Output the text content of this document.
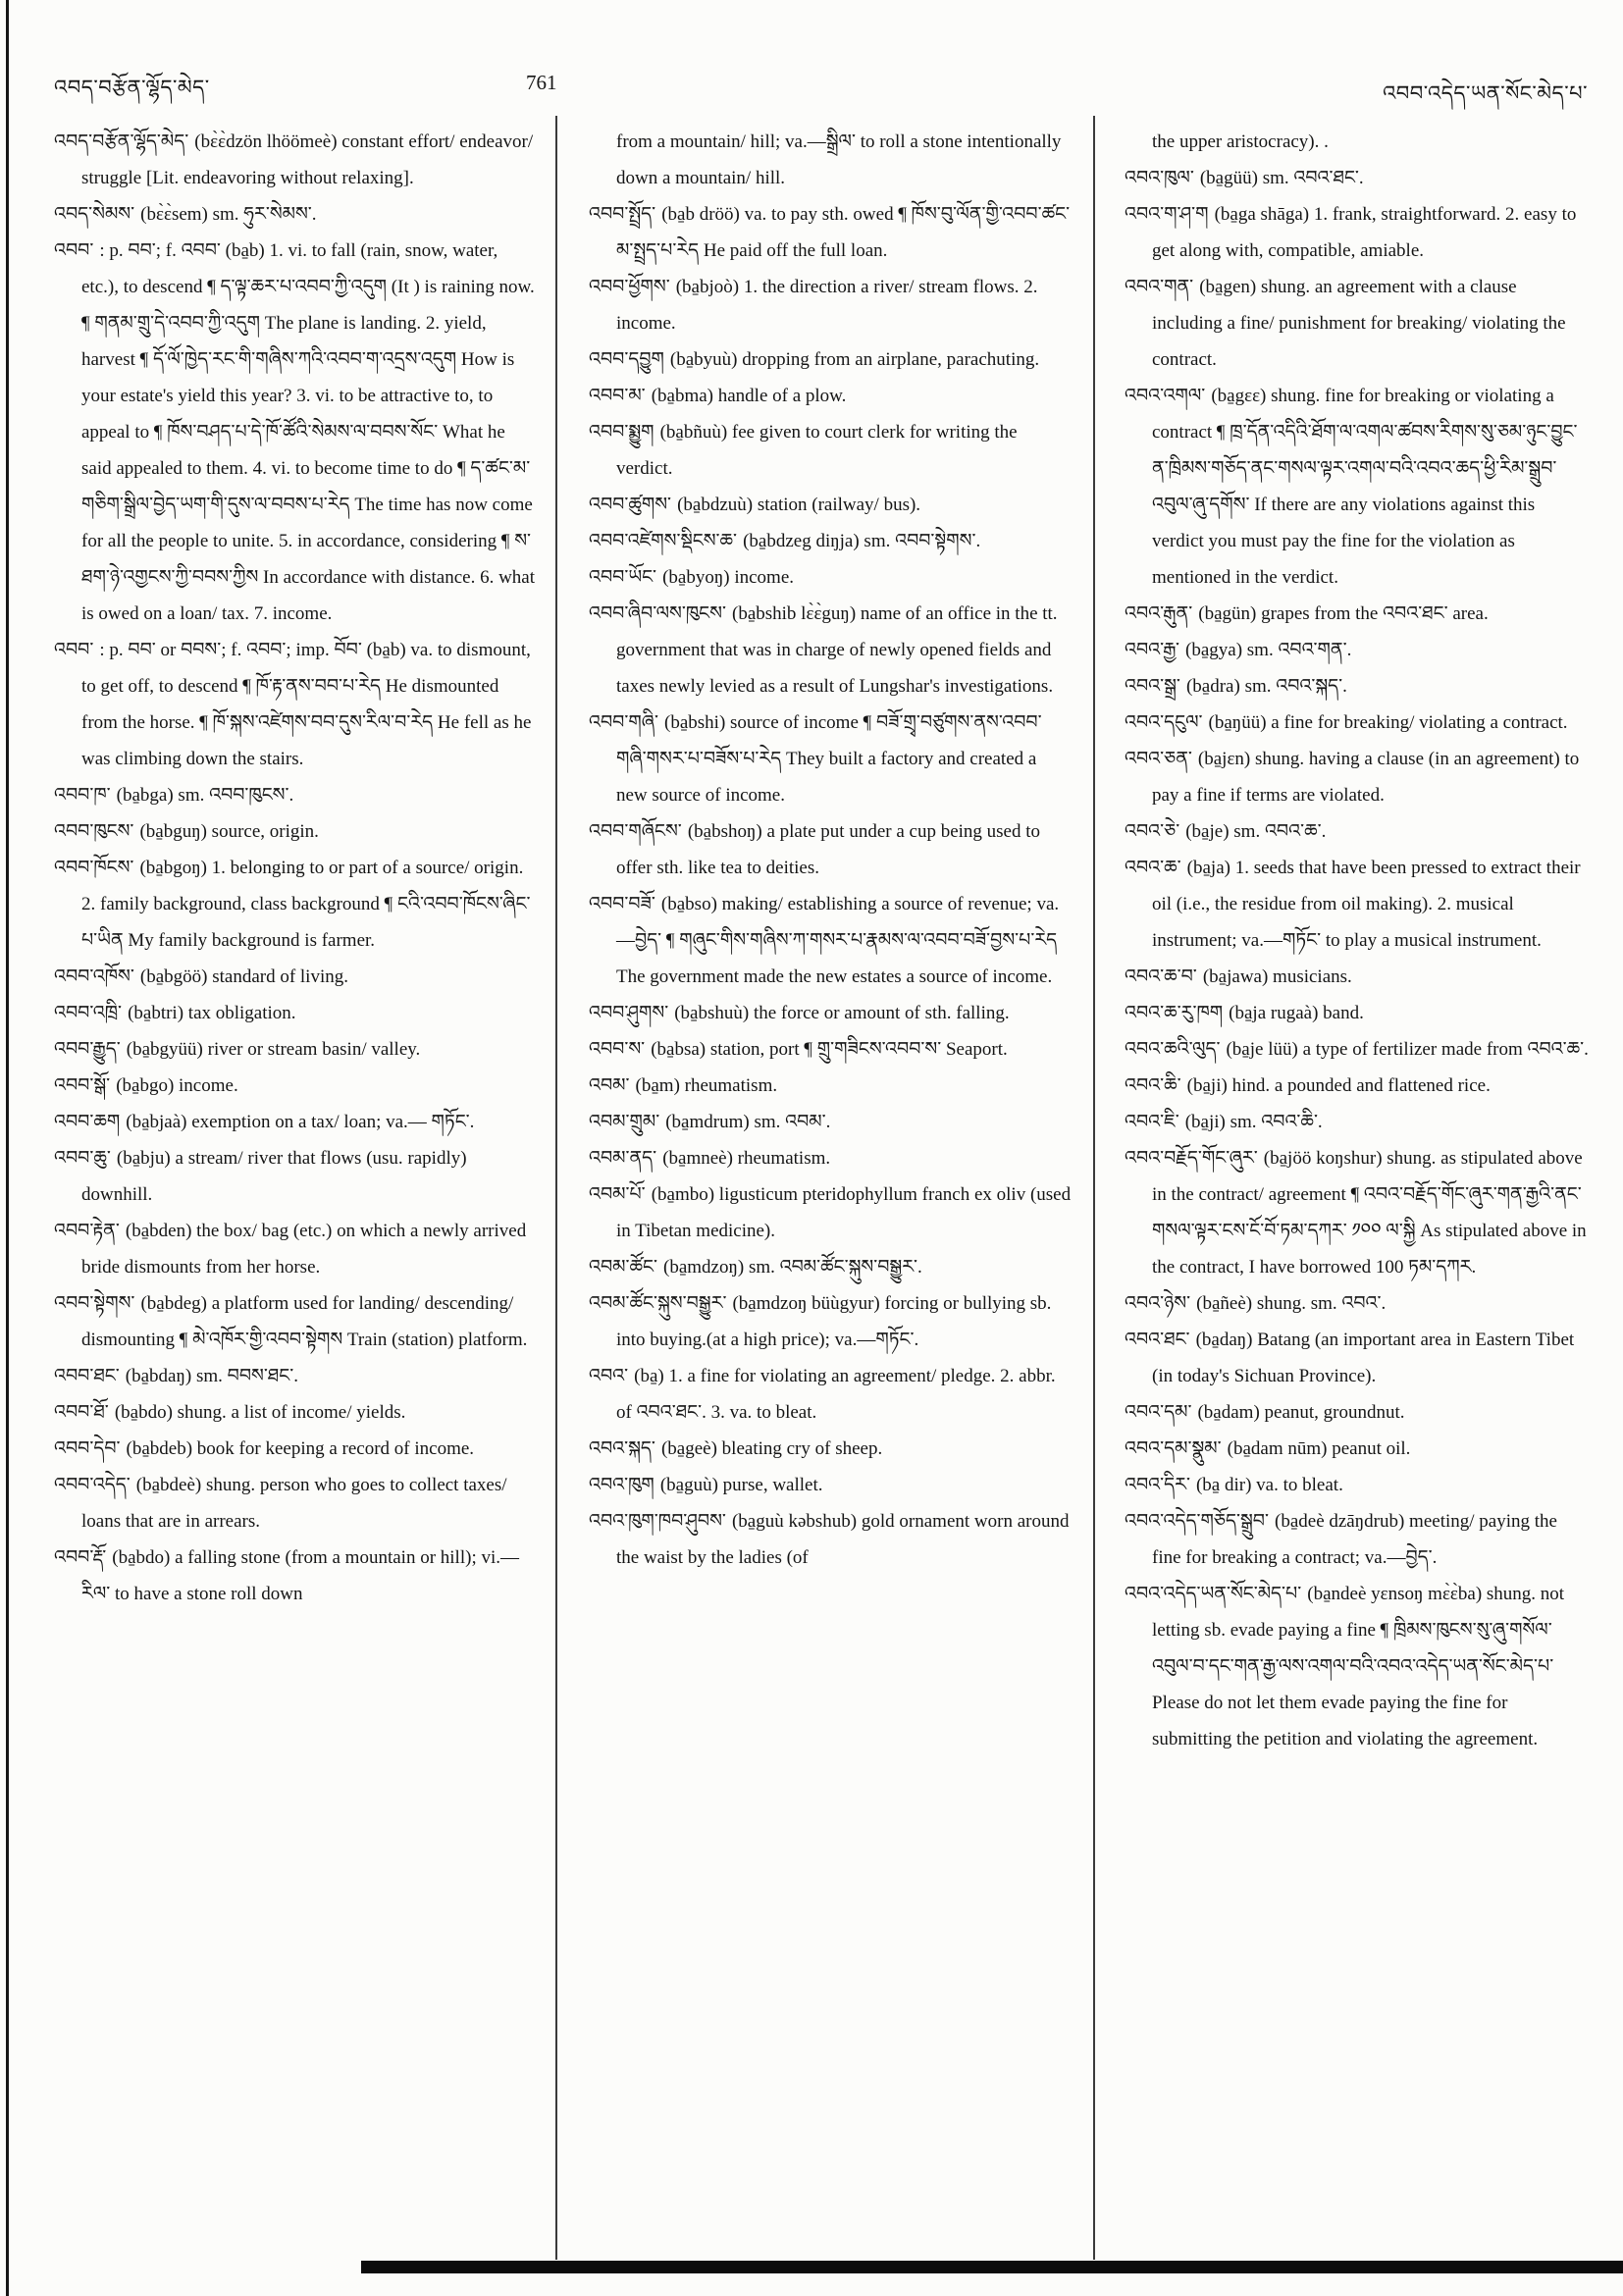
འབད་བརྩོན་ལྷོད་མེད་	761	འབབ་འདེད་ཡན་སོང་མེད་པ་

འབད་བརྩོན་ལྷོད་མེད་ (bɛ̀ɛ̀dzön lhöömeè) constant effort/ endeavor/ struggle [Lit. endeavoring without relaxing].

འབད་སེམས་ (bɛ̀ɛ̀sem) sm. ཧུར་སེམས་.

འབབ་ : p. བབ་; f. འབབ་ (ba̱b) 1. vi. to fall (rain, snow, water, etc.), to descend ¶ ད་ལྟ་ཆར་པ་འབབ་ཀྱི་འདུག (It ) is raining now. ¶ གནམ་གྲུ་དེ་འབབ་ཀྱི་འདུག The plane is landing. 2. yield, harvest ¶ དོ་ལོ་ཁྱེད་རང་གི་གཞིས་ཀའི་འབབ་ག་འདྲས་འདུག How is your estate's yield this year? 3. vi. to be attractive to, to appeal to ¶ ཁོས་བཤད་པ་དེ་ཁོ་ཚོའི་སེམས་ལ་བབས་སོང་ What he said appealed to them. 4. vi. to become time to do ¶ ད་ཚང་མ་གཅིག་སྒྲིལ་བྱེད་ཡག་གི་དུས་ལ་བབས་པ་རེད The time has now come for all the people to unite. 5. in accordance, considering ¶ ས་ཐག་ཉེ་འགྱངས་ཀྱི་བབས་ཀྱིས In accordance with distance. 6. what is owed on a loan/ tax. 7. income.

འབབ་ : p. བབ་ or བབས་; f. འབབ་; imp. བོབ་ (ba̱b) va. to dismount, to get off, to descend ¶ ཁོ་རྟ་ནས་བབ་པ་རེད He dismounted from the horse. ¶ ཁོ་སྐས་འཛེགས་བབ་དུས་རིལ་བ་རེད He fell as he was climbing down the stairs.

འབབ་ཁ་ (ba̱bga) sm. འབབ་ཁུངས་.

འབབ་ཁུངས་ (ba̱bguŋ) source, origin.

འབབ་ཁོངས་ (ba̱bgoŋ) 1. belonging to or part of a source/ origin. 2. family background, class background ¶ ངའི་འབབ་ཁོངས་ཞིང་པ་ཡིན My family background is farmer.

འབབ་འཁོས་ (ba̱bgöö) standard of living.

འབབ་འཁྲི་ (ba̱btri) tax obligation.

འབབ་རྒྱུད་ (ba̱bgyüü) river or stream basin/ valley.

འབབ་སྒོ་ (ba̱bgo) income.

འབབ་ཆག (ba̱bjaà) exemption on a tax/ loan; va.— གཏོང་.

འབབ་ཆུ་ (ba̱bju) a stream/ river that flows (usu. rapidly) downhill.

འབབ་རྟེན་ (ba̱bden) the box/ bag (etc.) on which a newly arrived bride dismounts from her horse.

འབབ་སྟེགས་ (ba̱bdeg) a platform used for landing/ descending/ dismounting ¶ མེ་འཁོར་གྱི་འབབ་སྟེགས Train (station) platform.

འབབ་ཐང་ (ba̱bdaŋ) sm. བབས་ཐང་.

འབབ་ཐོ་ (ba̱bdo) shung. a list of income/ yields.

འབབ་དེབ་ (ba̱bdeb) book for keeping a record of income.

འབབ་འདེད་ (ba̱bdeè) shung. person who goes to collect taxes/ loans that are in arrears.

འབབ་རྡོ་ (ba̱bdo) a falling stone (from a mountain or hill); vi.—རིལ་ to have a stone roll down

from a mountain/ hill; va.—སྒྲིལ་ to roll a stone intentionally down a mountain/ hill.

འབབ་སྤྲོད་ (ba̱b dröö) va. to pay sth. owed ¶ ཁོས་བུ་ལོན་གྱི་འབབ་ཚང་མ་སྤྲད་པ་རེད He paid off the full loan.

འབབ་ཕྱོགས་ (ba̱bjoò) 1. the direction a river/ stream flows. 2. income.

འབབ་དབྱུག (ba̱byuù) dropping from an airplane, parachuting.

འབབ་མ་ (ba̱bma) handle of a plow.

འབབ་སྨྱུག (ba̱bñuù) fee given to court clerk for writing the verdict.

འབབ་ཚུགས་ (ba̱bdzuù) station (railway/ bus).

འབབ་འཛེགས་སྡིངས་ཆ་ (ba̱bdzeg diŋja) sm. འབབ་སྟེགས་.

འབབ་ཡོང་ (ba̱byoŋ) income.

འབབ་ཞིབ་ལས་ཁུངས་ (ba̱bshib lɛ̀ɛ̀guŋ) name of an office in the tt. government that was in charge of newly opened fields and taxes newly levied as a result of Lungshar's investigations.

འབབ་གཞི་ (ba̱bshi) source of income ¶ བཟོ་གྲྭ་བཙུགས་ནས་འབབ་གཞི་གསར་པ་བཟོས་པ་རེད They built a factory and created a new source of income.

འབབ་གཞོངས་ (ba̱bshoŋ) a plate put under a cup being used to offer sth. like tea to deities.

འབབ་བཟོ་ (ba̱bso) making/ establishing a source of revenue; va.—བྱེད་ ¶ གཞུང་གིས་གཞིས་ཀ་གསར་པ་རྣམས་ལ་འབབ་བཟོ་བྱས་པ་རེད The government made the new estates a source of income.

འབབ་ཤུགས་ (ba̱bshuù) the force or amount of sth. falling.

འབབ་ས་ (ba̱bsa) station, port ¶ གྲུ་གཟིངས་འབབ་ས་ Seaport.

འབམ་ (ba̱m) rheumatism.

འབམ་གྲུམ་ (ba̱mdrum) sm. འབམ་.

འབམ་ནད་ (ba̱mneè) rheumatism.

འབམ་པོ་ (ba̱mbo) ligusticum pteridophyllum franch ex oliv (used in Tibetan medicine).

འབམ་ཚོང་ (ba̱mdzoŋ) sm. འབམ་ཚོང་སྐུས་བསྒྱུར་.

འབམ་ཚོང་སྐུས་བསྒྱུར་ (ba̱mdzoŋ büùgyur) forcing or bullying sb. into buying.(at a high price); va.—གཏོང་.

འབའ་ (ba̱) 1. a fine for violating an agreement/ pledge. 2. abbr. of འབའ་ཐང་. 3. va. to bleat.

འབའ་སྐད་ (ba̱geè) bleating cry of sheep.

འབའ་ཁུག (ba̱guù) purse, wallet.

འབའ་ཁུག་ཁབ་ཤུབས་ (ba̱guù kəbshub) gold ornament worn around the waist by the ladies (of

the upper aristocracy). .

འབའ་ཁུལ་ (ba̱güü) sm. འབའ་ཐང་.

འབའ་ག་ཤ་ག (ba̱ga shāga) 1. frank, straightforward. 2. easy to get along with, compatible, amiable.

འབའ་གན་ (ba̱gen) shung. an agreement with a clause including a fine/ punishment for breaking/ violating the contract.

འབའ་འགལ་ (ba̱gɛɛ) shung. fine for breaking or violating a contract ¶ ཁྲ་དོན་འདིའི་ཐོག་ལ་འགལ་ཚབས་རིགས་སུ་ཅམ་ཉུང་བྱུང་ན་ཁྲིམས་གཅོད་ནང་གསལ་ལྟར་འགལ་བའི་འབའ་ཆད་ཕྱི་རིམ་སྒྲུབ་འབུལ་ཞུ་དགོས་ If there are any violations against this verdict you must pay the fine for the violation as mentioned in the verdict.

འབའ་རྒུན་ (ba̱gün) grapes from the འབའ་ཐང་ area.

འབའ་རྒྱ་ (ba̱gya) sm. འབའ་གན་.

འབའ་སྒྲ་ (ba̱dra) sm. འབའ་སྐད་.

འབའ་དངུལ་ (ba̱ŋüü) a fine for breaking/ violating a contract.

འབའ་ཅན་ (ba̱jɛn) shung. having a clause (in an agreement) to pay a fine if terms are violated.

འབའ་ཅེ་ (ba̱je) sm. འབའ་ཆ་.

འབའ་ཆ་ (ba̱ja) 1. seeds that have been pressed to extract their oil (i.e., the residue from oil making). 2. musical instrument; va.—གཏོང་ to play a musical instrument.

འབའ་ཆ་བ་ (ba̱jawa) musicians.

འབའ་ཆ་རུ་ཁག (ba̱ja rugaà) band.

འབའ་ཆའི་ལུད་ (ba̱je lüü) a type of fertilizer made from འབའ་ཆ་.

འབའ་ཆི་ (ba̱ji) hind. a pounded and flattened rice.

འབའ་ཇི་ (ba̱ji) sm. འབའ་ཆི་.

འབའ་བརྗོད་གོང་ཞུར་ (ba̱jöö koŋshur) shung. as stipulated above in the contract/ agreement ¶ འབའ་བརྗོད་གོང་ཞུར་གན་རྒྱའི་ནང་གསལ་ལྟར་ངས་ངོ་བོ་ཏམ་དཀར་ ༡༠༠ ལ་སྐྱི As stipulated above in the contract, I have borrowed 100 ཏམ་དཀར.

འབའ་ཉེས་ (ba̱ñeè) shung. sm. འབའ་.

འབའ་ཐང་ (ba̱daŋ) Batang (an important area in Eastern Tibet (in today's Sichuan Province).

འབའ་དམ་ (ba̱dam) peanut, groundnut.

འབའ་དམ་སྣུམ་ (ba̱dam nūm) peanut oil.

འབའ་དིར་ (ba̱ dir) va. to bleat.

འབའ་འདེད་གཅོད་སྒྲུབ་ (ba̱deè dzāŋdrub) meeting/ paying the fine for breaking a contract; va.—བྱེད་.

འབའ་འདེད་ཡན་སོང་མེད་པ་ (ba̱ndeè yɛnsoŋ mɛ̀ɛ̀ba) shung. not letting sb. evade paying a fine ¶ ཁྲིམས་ཁུངས་སུ་ཞུ་གསོལ་འབུལ་བ་དང་གན་རྒྱ་ལས་འགལ་བའི་འབའ་འདེད་ཡན་སོང་མེད་པ་ Please do not let them evade paying the fine for submitting the petition and violating the agreement.
